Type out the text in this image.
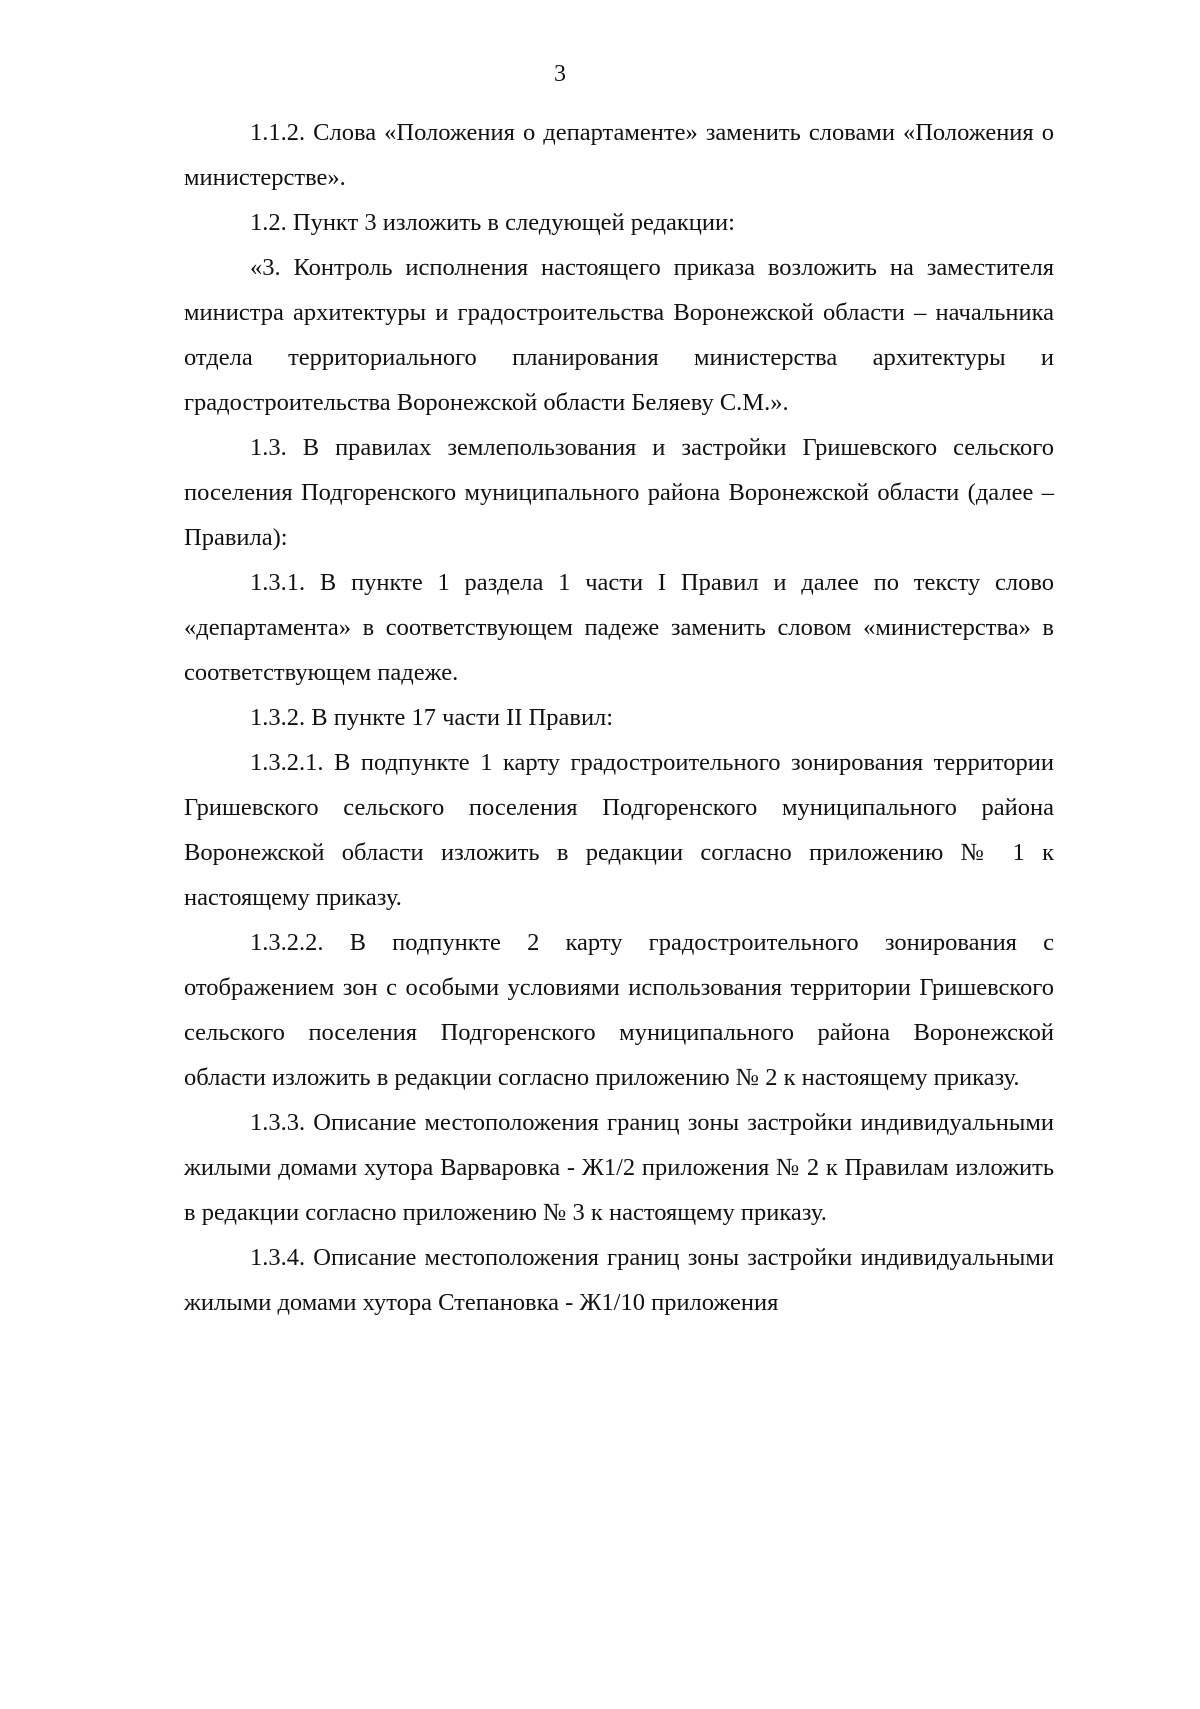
3

1.1.2. Слова «Положения о департаменте» заменить словами «Положения о министерстве».

1.2. Пункт 3 изложить в следующей редакции:

«3. Контроль исполнения настоящего приказа возложить на заместителя министра архитектуры и градостроительства Воронежской области – начальника отдела территориального планирования министерства архитектуры и градостроительства Воронежской области Беляеву С.М.».

1.3. В правилах землепользования и застройки Гришевского сельского поселения Подгоренского муниципального района Воронежской области (далее – Правила):

1.3.1. В пункте 1 раздела 1 части I Правил и далее по тексту слово «департамента» в соответствующем падеже заменить словом «министерства» в соответствующем падеже.

1.3.2. В пункте 17 части II Правил:

1.3.2.1. В подпункте 1 карту градостроительного зонирования территории Гришевского сельского поселения Подгоренского муниципального района Воронежской области изложить в редакции согласно приложению № 1 к настоящему приказу.

1.3.2.2. В подпункте 2 карту градостроительного зонирования с отображением зон с особыми условиями использования территории Гришевского сельского поселения Подгоренского муниципального района Воронежской области изложить в редакции согласно приложению № 2 к настоящему приказу.

1.3.3. Описание местоположения границ зоны застройки индивидуальными жилыми домами хутора Варваровка - Ж1/2 приложения № 2 к Правилам изложить в редакции согласно приложению № 3 к настоящему приказу.

1.3.4. Описание местоположения границ зоны застройки индивидуальными жилыми домами хутора Степановка - Ж1/10 приложения
